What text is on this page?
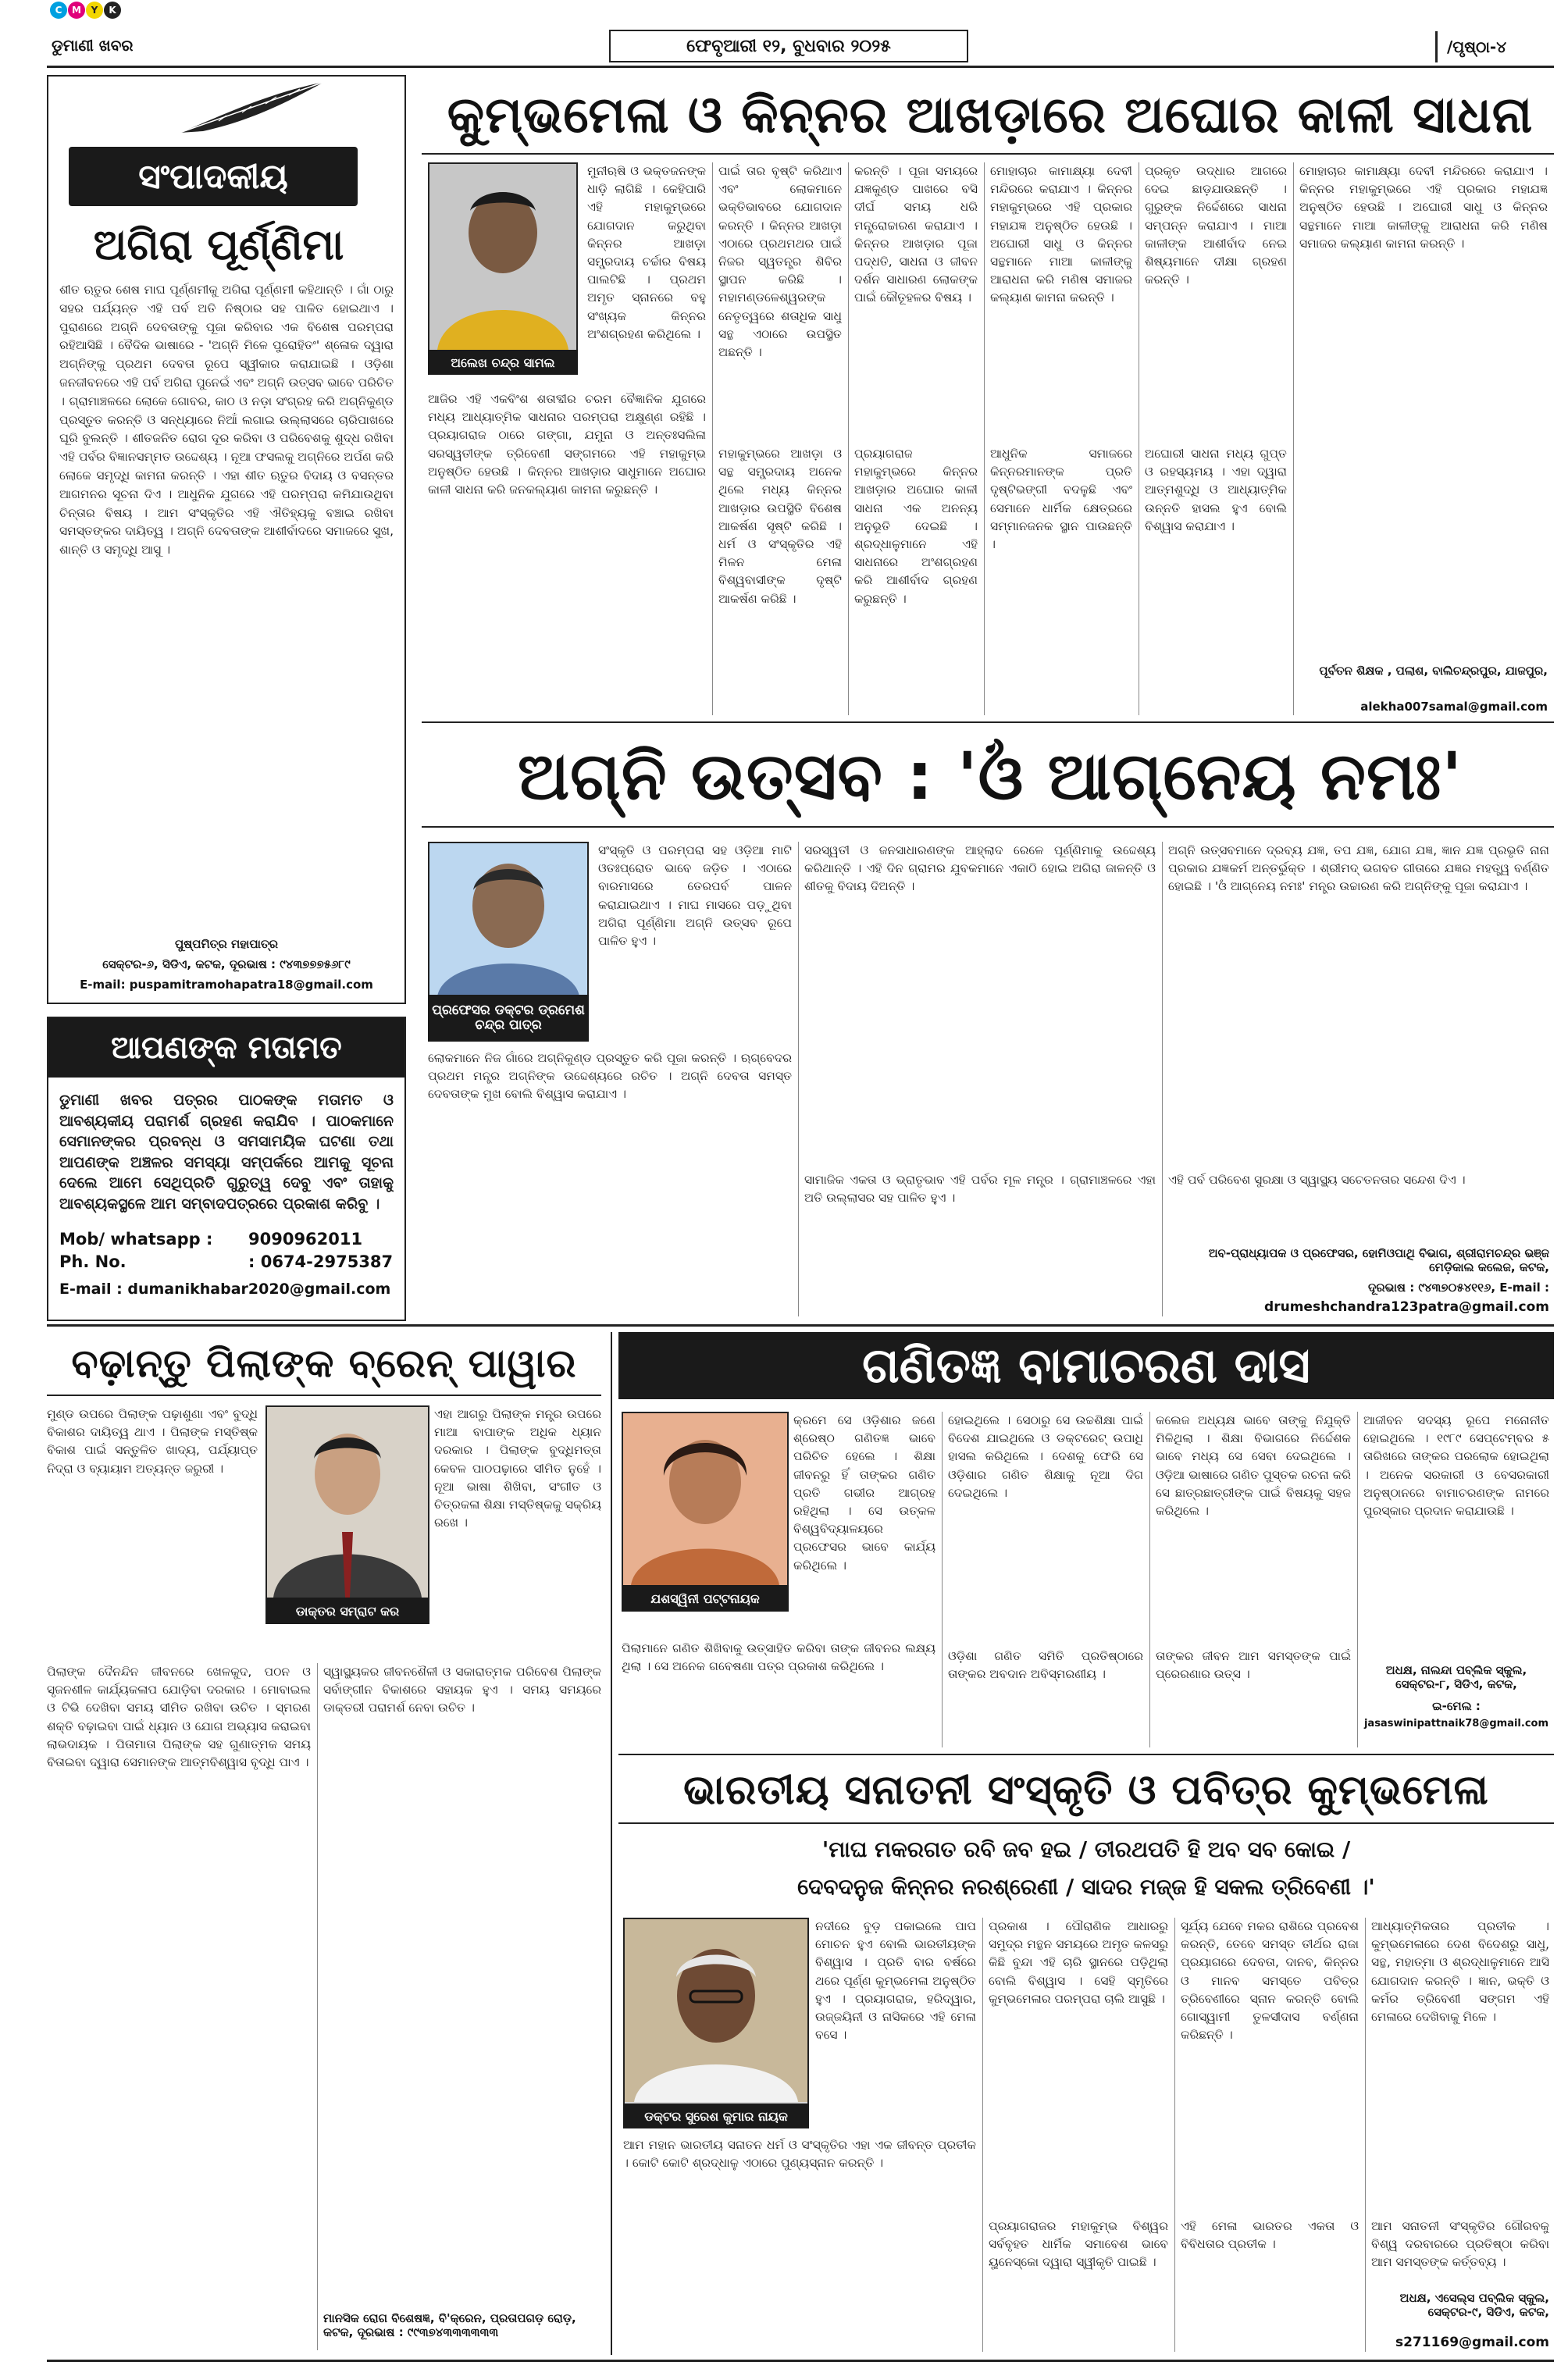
C	M	Y	K
ଡୁମାଣୀ ଖବର	ଫେବୃଆରୀ ୧୨, ବୁଧବାର ୨୦୨୫	/ପୃଷ୍ଠା-୪
ସଂପାଦକୀୟ
ଅଗିରା ପୂର୍ଣ୍ଣିମା
ଶୀତ ଋତୁର ଶେଷ ମାଘ ପୂର୍ଣ୍ଣମୀକୁ ଅଗିରା ପୂର୍ଣ୍ଣମୀ କହିଥାନ୍ତି । ଗାଁ ଠାରୁ ସହର ପର୍ଯ୍ୟନ୍ତ ଏହି ପର୍ବ ଅତି ନିଷ୍ଠାର ସହ ପାଳିତ ହୋଇଥାଏ । ପୁରାଣରେ ଅଗ୍ନି ଦେବତାଙ୍କୁ ପୂଜା କରିବାର ଏକ ବିଶେଷ ପରମ୍ପରା ରହିଆସିଛି । ବୈଦିକ ଭାଷାରେ - 'ଅଗ୍ନି ମିଳେ ପୁରୋହିତଂ' ଶ୍ଳୋକ ଦ୍ୱାରା ଅଗ୍ନିଙ୍କୁ ପ୍ରଥମ ଦେବତା ରୂପେ ସ୍ୱୀକାର କରାଯାଇଛି । ଓଡ଼ିଶା ଜନଜୀବନରେ ଏହି ପର୍ବ ଅଗିରା ପୁନେଇଁ ଏବଂ ଅଗ୍ନି ଉତ୍ସବ ଭାବେ ପରିଚିତ । ଗ୍ରାମାଞ୍ଚଳରେ ଲୋକେ ଗୋବର, କାଠ ଓ ନଡ଼ା ସଂଗ୍ରହ କରି ଅଗ୍ନିକୁଣ୍ଡ ପ୍ରସ୍ତୁତ କରନ୍ତି ଓ ସନ୍ଧ୍ୟାରେ ନିଆଁ ଲଗାଇ ଉଲ୍ଲାସରେ ଚାରିପାଖରେ ଘୂରି ବୁଲନ୍ତି । ଶୀତଜନିତ ରୋଗ ଦୂର କରିବା ଓ ପରିବେଶକୁ ଶୁଦ୍ଧ ରଖିବା ଏହି ପର୍ବର ବିଜ୍ଞାନସମ୍ମତ ଉଦ୍ଦେଶ୍ୟ । ନୂଆ ଫସଲକୁ ଅଗ୍ନିରେ ଅର୍ପଣ କରି ଲୋକେ ସମୃଦ୍ଧି କାମନା କରନ୍ତି । ଏହା ଶୀତ ଋତୁର ବିଦାୟ ଓ ବସନ୍ତର ଆଗମନର ସୂଚନା ଦିଏ । ଆଧୁନିକ ଯୁଗରେ ଏହି ପରମ୍ପରା କମିଯାଉଥିବା ଚିନ୍ତାର ବିଷୟ । ଆମ ସଂସ୍କୃତିର ଏହି ଐତିହ୍ୟକୁ ବଞ୍ଚାଇ ରଖିବା ସମସ୍ତଙ୍କର ଦାୟିତ୍ୱ । ଅଗ୍ନି ଦେବତାଙ୍କ ଆଶୀର୍ବାଦରେ ସମାଜରେ ସୁଖ, ଶାନ୍ତି ଓ ସମୃଦ୍ଧି ଆସୁ ।
ପୁଷ୍ପମିତ୍ର ମହାପାତ୍ର
ସେକ୍ଟର-୬, ସିଡିଏ, କଟକ, ଦୂରଭାଷ : ୯୪୩୭୭୭୫୬୮୯
E-mail: puspamitramohapatra18@gmail.com
ଆପଣଙ୍କ ମତାମତ
ଡୁମାଣୀ ଖବର ପତ୍ରର ପାଠକଙ୍କ ମତାମତ ଓ ଆବଶ୍ୟକୀୟ ପରାମର୍ଶ ଗ୍ରହଣ କରାଯିବ । ପାଠକମାନେ ସେମାନଙ୍କର ପ୍ରବନ୍ଧ ଓ ସମସାମୟିକ ଘଟଣା ତଥା ଆପଣଙ୍କ ଅଞ୍ଚଳର ସମସ୍ୟା ସମ୍ପର୍କରେ ଆମକୁ ସୂଚନା ଦେଲେ ଆମେ ସେଥିପ୍ରତି ଗୁରୁତ୍ୱ ଦେବୁ ଏବଂ ତାହାକୁ ଆବଶ୍ୟକସ୍ଥଳେ ଆମ ସମ୍ବାଦପତ୍ରରେ ପ୍ରକାଶ କରିବୁ ।
Mob/ whatsapp : 9090962011
Ph. No.	: 0674-2975387
E-mail : dumanikhabar2020@gmail.com
କୁମ୍ଭମେଳା ଓ କିନ୍ନର ଆଖଡ଼ାରେ ଅଘୋର କାଳୀ ସାଧନା
ଅଲେଖ ଚନ୍ଦ୍ର ସାମଲ
ମୁନୀଋଷି ଓ ଭକ୍ତଜନଙ୍କ ଧାଡ଼ି ଲାଗିଛି । କେହିପାରି ଏହି ମହାକୁମ୍ଭରେ ଯୋଗଦାନ କରୁଥିବା କିନ୍ନର ଆଖଡ଼ା ସମ୍ପ୍ରଦାୟ ଚର୍ଚ୍ଚାର ବିଷୟ ପାଲଟିଛି । ପ୍ରଥମ ଅମୃତ ସ୍ନାନରେ ବହୁ ସଂଖ୍ୟକ କିନ୍ନର ଅଂଶଗ୍ରହଣ କରିଥିଲେ ।
ଆଜିର ଏହି ଏକବିଂଶ ଶତାବ୍ଦୀର ଚରମ ବୈଜ୍ଞାନିକ ଯୁଗରେ ମଧ୍ୟ ଆଧ୍ୟାତ୍ମିକ ସାଧନାର ପରମ୍ପରା ଅକ୍ଷୁଣ୍ଣ ରହିଛି । ପ୍ରୟାଗରାଜ ଠାରେ ଗଙ୍ଗା, ଯମୁନା ଓ ଅନ୍ତଃସଲିଳା ସରସ୍ୱତୀଙ୍କ ତ୍ରିବେଣୀ ସଙ୍ଗମରେ ଏହି ମହାକୁମ୍ଭ ଅନୁଷ୍ଠିତ ହେଉଛି । କିନ୍ନର ଆଖଡ଼ାର ସାଧୁମାନେ ଅଘୋର କାଳୀ ସାଧନା କରି ଜନକଲ୍ୟାଣ କାମନା କରୁଛନ୍ତି ।
ପାଇଁ ତାର ବୃଷ୍ଟି କରିଥାଏ ଏବଂ ଲୋକମାନେ ଭକ୍ତିଭାବରେ ଯୋଗଦାନ କରନ୍ତି । କିନ୍ନର ଆଖଡ଼ା ଏଠାରେ ପ୍ରଥମଥର ପାଇଁ ନିଜର ସ୍ୱତନ୍ତ୍ର ଶିବିର ସ୍ଥାପନ କରିଛି । ମହାମଣ୍ଡଳେଶ୍ୱରଙ୍କ ନେତୃତ୍ୱରେ ଶତାଧିକ ସାଧୁ ସନ୍ଥ ଏଠାରେ ଉପସ୍ଥିତ ଅଛନ୍ତି ।
ମହାକୁମ୍ଭରେ ଆଖଡ଼ା ଓ ସନ୍ଥ ସମ୍ପ୍ରଦାୟ ଅନେକ ଥିଲେ ମଧ୍ୟ କିନ୍ନର ଆଖଡ଼ାର ଉପସ୍ଥିତି ବିଶେଷ ଆକର୍ଷଣ ସୃଷ୍ଟି କରିଛି । ଧର୍ମ ଓ ସଂସ୍କୃତିର ଏହି ମିଳନ ମେଳା ବିଶ୍ୱବାସୀଙ୍କ ଦୃଷ୍ଟି ଆକର୍ଷଣ କରିଛି ।
କରନ୍ତି । ପୂଜା ସମୟରେ ଯଜ୍ଞକୁଣ୍ଡ ପାଖରେ ବସି ଦୀର୍ଘ ସମୟ ଧରି ମନ୍ତ୍ରୋଚ୍ଚାରଣ କରାଯାଏ । କିନ୍ନର ଆଖଡ଼ାର ପୂଜା ପଦ୍ଧତି, ସାଧନା ଓ ଜୀବନ ଦର୍ଶନ ସାଧାରଣ ଲୋକଙ୍କ ପାଇଁ କୌତୂହଳର ବିଷୟ ।
ପ୍ରୟାଗରାଜ ମହାକୁମ୍ଭରେ କିନ୍ନର ଆଖଡ଼ାର ଅଘୋର କାଳୀ ସାଧନା ଏକ ଅନନ୍ୟ ଅନୁଭୂତି ଦେଇଛି । ଶ୍ରଦ୍ଧାଳୁମାନେ ଏହି ସାଧନାରେ ଅଂଶଗ୍ରହଣ କରି ଆଶୀର୍ବାଦ ଗ୍ରହଣ କରୁଛନ୍ତି ।
ମୋହାଚାର କାମାକ୍ଷ୍ୟା ଦେବୀ ମନ୍ଦିରରେ କରାଯାଏ । କିନ୍ନର ମହାକୁମ୍ଭରେ ଏହି ପ୍ରକାର ମହାଯଜ୍ଞ ଅନୁଷ୍ଠିତ ହେଉଛି । ଅଘୋରୀ ସାଧୁ ଓ କିନ୍ନର ସନ୍ଥମାନେ ମାଆ କାଳୀଙ୍କୁ ଆରାଧନା କରି ମଣିଷ ସମାଜର କଲ୍ୟାଣ କାମନା କରନ୍ତି ।
ଆଧୁନିକ ସମାଜରେ କିନ୍ନରମାନଙ୍କ ପ୍ରତି ଦୃଷ୍ଟିଭଙ୍ଗୀ ବଦଳୁଛି ଏବଂ ସେମାନେ ଧାର୍ମିକ କ୍ଷେତ୍ରରେ ସମ୍ମାନଜନକ ସ୍ଥାନ ପାଉଛନ୍ତି ।
ପ୍ରକୃତ ଉଦ୍ଧାର ଆଗରେ ଦେଇ ଛାଡ଼ଯାଉଛନ୍ତି । ଗୁରୁଙ୍କ ନିର୍ଦ୍ଦେଶରେ ସାଧନା ସମ୍ପନ୍ନ କରାଯାଏ । ମାଆ କାଳୀଙ୍କ ଆଶୀର୍ବାଦ ନେଇ ଶିଷ୍ୟମାନେ ଦୀକ୍ଷା ଗ୍ରହଣ କରନ୍ତି ।
ଅଘୋରୀ ସାଧନା ମଧ୍ୟ ଗୁପ୍ତ ଓ ରହସ୍ୟମୟ । ଏହା ଦ୍ୱାରା ଆତ୍ମଶୁଦ୍ଧି ଓ ଆଧ୍ୟାତ୍ମିକ ଉନ୍ନତି ହାସଲ ହୁଏ ବୋଲି ବିଶ୍ୱାସ କରାଯାଏ ।
ମୋହାଚାର କାମାକ୍ଷ୍ୟା ଦେବୀ ମନ୍ଦିରରେ କରାଯାଏ । କିନ୍ନର ମହାକୁମ୍ଭରେ ଏହି ପ୍ରକାର ମହାଯଜ୍ଞ ଅନୁଷ୍ଠିତ ହେଉଛି । ଅଘୋରୀ ସାଧୁ ଓ କିନ୍ନର ସନ୍ଥମାନେ ମାଆ କାଳୀଙ୍କୁ ଆରାଧନା କରି ମଣିଷ ସମାଜର କଲ୍ୟାଣ କାମନା କରନ୍ତି ।
ପୂର୍ବତନ ଶିକ୍ଷକ , ପଲାଶ, ବାଲିଚନ୍ଦ୍ରପୁର, ଯାଜପୁର,
alekha007samal@gmail.com
ଅଗ୍ନି ଉତ୍ସବ : 'ଓଁ ଆଗ୍ନେୟ ନମଃ'
ପ୍ରଫେସର ଡକ୍ଟର ଡ୍ରମେଶ ଚନ୍ଦ୍ର ପାତ୍ର
ସଂସ୍କୃତି ଓ ପରମ୍ପରା ସହ ଓଡ଼ିଆ ମାଟି ଓତଃପ୍ରୋତ ଭାବେ ଜଡ଼ିତ । ଏଠାରେ ବାରମାସରେ ତେରପର୍ବ ପାଳନ କରାଯାଇଥାଏ । ମାଘ ମାସରେ ପଡ଼ୁଥିବା ଅଗିରା ପୂର୍ଣ୍ଣିମା ଅଗ୍ନି ଉତ୍ସବ ରୂପେ ପାଳିତ ହୁଏ ।
ଲୋକମାନେ ନିଜ ଗାଁରେ ଅଗ୍ନିକୁଣ୍ଡ ପ୍ରସ୍ତୁତ କରି ପୂଜା କରନ୍ତି । ଋଗ୍‌ବେଦର ପ୍ରଥମ ମନ୍ତ୍ର ଅଗ୍ନିଙ୍କ ଉଦ୍ଦେଶ୍ୟରେ ରଚିତ । ଅଗ୍ନି ଦେବତା ସମସ୍ତ ଦେବତାଙ୍କ ମୁଖ ବୋଲି ବିଶ୍ୱାସ କରାଯାଏ ।
ସରସ୍ୱତୀ ଓ ଜନସାଧାରଣଙ୍କ ଆହ୍ଲାଦ ରେଳେ ପୂର୍ଣ୍ଣିମାକୁ ଉଦ୍ଦେଶ୍ୟ କରିଥାନ୍ତି । ଏହି ଦିନ ଗ୍ରାମର ଯୁବକମାନେ ଏକାଠି ହୋଇ ଅଗିରା ଜାଳନ୍ତି ଓ ଶୀତକୁ ବିଦାୟ ଦିଅନ୍ତି ।
ସାମାଜିକ ଏକତା ଓ ଭ୍ରାତୃଭାବ ଏହି ପର୍ବର ମୂଳ ମନ୍ତ୍ର । ଗ୍ରାମାଞ୍ଚଳରେ ଏହା ଅତି ଉଲ୍ଲାସର ସହ ପାଳିତ ହୁଏ ।
ଅଗ୍ନି ଉତ୍ସବମାନେ ଦ୍ରବ୍ୟ ଯଜ୍ଞ, ତପ ଯଜ୍ଞ, ଯୋଗ ଯଜ୍ଞ, ଜ୍ଞାନ ଯଜ୍ଞ ପ୍ରଭୃତି ନାନା ପ୍ରକାର ଯଜ୍ଞକର୍ମ ଅନ୍ତର୍ଭୁକ୍ତ । ଶ୍ରୀମଦ୍ ଭଗବତ ଗୀତାରେ ଯଜ୍ଞର ମହତ୍ତ୍ୱ ବର୍ଣ୍ଣିତ ହୋଇଛି । 'ଓଁ ଆଗ୍ନେୟ ନମଃ' ମନ୍ତ୍ର ଉଚ୍ଚାରଣ କରି ଅଗ୍ନିଙ୍କୁ ପୂଜା କରାଯାଏ ।
ଏହି ପର୍ବ ପରିବେଶ ସୁରକ୍ଷା ଓ ସ୍ୱାସ୍ଥ୍ୟ ସଚେତନତାର ସନ୍ଦେଶ ଦିଏ ।
ଅବ-ପ୍ରାଧ୍ୟାପକ ଓ ପ୍ରଫେସର, ହୋମିଓପାଥି ବିଭାଗ, ଶ୍ରୀରାମଚନ୍ଦ୍ର ଭଞ୍ଜ ମେଡ଼ିକାଲ କଲେଜ, କଟକ,
ଦୂରଭାଷ : ୯୪୩୭୦୫୪୧୧୬, E-mail :
drumeshchandra123patra@gmail.com
ବଢ଼ାନ୍ତୁ ପିଲାଙ୍କ ବ୍ରେନ୍ ପାୱାର
ମୁଣ୍ଡ ଉପରେ ପିଲାଙ୍କ ପଢ଼ାଶୁଣା ଏବଂ ବୁଦ୍ଧି ବିକାଶର ଦାୟିତ୍ୱ ଥାଏ । ପିଲାଙ୍କ ମସ୍ତିଷ୍କ ବିକାଶ ପାଇଁ ସନ୍ତୁଳିତ ଖାଦ୍ୟ, ପର୍ଯ୍ୟାପ୍ତ ନିଦ୍ରା ଓ ବ୍ୟାୟାମ ଅତ୍ୟନ୍ତ ଜରୁରୀ ।
ଡାକ୍ତର ସମ୍ରାଟ କର
ଏହା ଆଗରୁ ପିଲାଙ୍କ ମନ୍ତ୍ର ଉପରେ ମାଆ ବାପାଙ୍କ ଅଧିକ ଧ୍ୟାନ ଦରକାର । ପିଲାଙ୍କ ବୁଦ୍ଧିମତ୍ତା କେବଳ ପାଠପଢ଼ାରେ ସୀମିତ ନୁହେଁ । ନୂଆ ଭାଷା ଶିଖିବା, ସଂଗୀତ ଓ ଚିତ୍ରକଳା ଶିକ୍ଷା ମସ୍ତିଷ୍କକୁ ସକ୍ରିୟ ରଖେ ।
ପିଲାଙ୍କ ଦୈନନ୍ଦିନ ଜୀବନରେ ଖେଳକୁଦ, ପଠନ ଓ ସୃଜନଶୀଳ କାର୍ଯ୍ୟକଳାପ ଯୋଡ଼ିବା ଦରକାର । ମୋବାଇଲ ଓ ଟିଭି ଦେଖିବା ସମୟ ସୀମିତ ରଖିବା ଉଚିତ । ସ୍ମରଣ ଶକ୍ତି ବଢ଼ାଇବା ପାଇଁ ଧ୍ୟାନ ଓ ଯୋଗ ଅଭ୍ୟାସ କରାଇବା ଲାଭଦାୟକ । ପିତାମାତା ପିଲାଙ୍କ ସହ ଗୁଣାତ୍ମକ ସମୟ ବିତାଇବା ଦ୍ୱାରା ସେମାନଙ୍କ ଆତ୍ମବିଶ୍ୱାସ ବୃଦ୍ଧି ପାଏ ।
ସ୍ୱାସ୍ଥ୍ୟକର ଜୀବନଶୈଳୀ ଓ ସକାରାତ୍ମକ ପରିବେଶ ପିଲାଙ୍କ ସର୍ବାଙ୍ଗୀନ ବିକାଶରେ ସହାୟକ ହୁଏ । ସମୟ ସମୟରେ ଡାକ୍ତରୀ ପରାମର୍ଶ ନେବା ଉଚିତ ।
ମାନସିକ ରୋଗ ବିଶେଷଜ୍ଞ, ବି'କ୍ରେନ, ପ୍ରତାପଗଡ଼ ରୋଡ଼, କଟକ, ଦୂରଭାଷ : ୯୯୩୭୪୩୩୩୩୩୩
ଗଣିତଜ୍ଞ ବାମାଚରଣ ଦାସ
ଯଶସ୍ୱିନୀ ପଟ୍ଟନାୟକ
କ୍ରମେ ସେ ଓଡ଼ିଶାର ଜଣେ ଶ୍ରେଷ୍ଠ ଗଣିତଜ୍ଞ ଭାବେ ପରିଚିତ ହେଲେ । ଶିକ୍ଷା ଜୀବନରୁ ହିଁ ତାଙ୍କର ଗଣିତ ପ୍ରତି ଗଭୀର ଆଗ୍ରହ ରହିଥିଲା । ସେ ଉତ୍କଳ ବିଶ୍ୱବିଦ୍ୟାଳୟରେ ପ୍ରଫେସର ଭାବେ କାର୍ଯ୍ୟ କରିଥିଲେ ।
ପିଲାମାନେ ଗଣିତ ଶିଖିବାକୁ ଉତ୍ସାହିତ କରିବା ତାଙ୍କ ଜୀବନର ଲକ୍ଷ୍ୟ ଥିଲା । ସେ ଅନେକ ଗବେଷଣା ପତ୍ର ପ୍ରକାଶ କରିଥିଲେ ।
ହୋଇଥିଲେ । ସେଠାରୁ ସେ ଉଚ୍ଚଶିକ୍ଷା ପାଇଁ ବିଦେଶ ଯାଇଥିଲେ ଓ ଡକ୍ଟରେଟ୍ ଉପାଧି ହାସଲ କରିଥିଲେ । ଦେଶକୁ ଫେରି ସେ ଓଡ଼ିଶାର ଗଣିତ ଶିକ୍ଷାକୁ ନୂଆ ଦିଗ ଦେଇଥିଲେ ।
ଓଡ଼ିଶା ଗଣିତ ସମିତି ପ୍ରତିଷ୍ଠାରେ ତାଙ୍କର ଅବଦାନ ଅବିସ୍ମରଣୀୟ ।
କଲେଜ ଅଧ୍ୟକ୍ଷ ଭାବେ ତାଙ୍କୁ ନିଯୁକ୍ତି ମିଳିଥିଲା । ଶିକ୍ଷା ବିଭାଗରେ ନିର୍ଦ୍ଦେଶକ ଭାବେ ମଧ୍ୟ ସେ ସେବା ଦେଇଥିଲେ । ଓଡ଼ିଆ ଭାଷାରେ ଗଣିତ ପୁସ୍ତକ ରଚନା କରି ସେ ଛାତ୍ରଛାତ୍ରୀଙ୍କ ପାଇଁ ବିଷୟକୁ ସହଜ କରିଥିଲେ ।
ତାଙ୍କର ଜୀବନ ଆମ ସମସ୍ତଙ୍କ ପାଇଁ ପ୍ରେରଣାର ଉତ୍ସ ।
ଆଜୀବନ ସଦସ୍ୟ ରୂପେ ମନୋନୀତ ହୋଇଥିଲେ । ୧୯୮୯ ସେପ୍ଟେମ୍ବର ୫ ତାରିଖରେ ତାଙ୍କର ପରଲୋକ ହୋଇଥିଲା । ଅନେକ ସରକାରୀ ଓ ବେସରକାରୀ ଅନୁଷ୍ଠାନରେ ବାମାଚରଣଙ୍କ ନାମରେ ପୁରସ୍କାର ପ୍ରଦାନ କରାଯାଉଛି ।
ଅଧକ୍ଷ, ନାଲନ୍ଦା ପବ୍ଲିକ ସ୍କୁଲ, ସେକ୍ଟର-୮, ସିଡିଏ, କଟକ,
ଇ-ମେଲ :
jasaswinipattnaik78@gmail.com
ଭାରତୀୟ ସନାତନୀ ସଂସ୍କୃତି ଓ ପବିତ୍ର କୁମ୍ଭମେଳା
'ମାଘ ମକରଗତ ରବି ଜବ ହଇ / ତୀରଥପତି ହି ଅବ ସବ କୋଇ /
ଦେବଦନୁଜ କିନ୍ନର ନରଶ୍ରେଣୀ / ସାଦର ମଜ୍ଜ ହି ସକଲ ତ୍ରିବେଣୀ ।'
ଡକ୍ଟର ସୁରେଶ କୁମାର ନାୟକ
ନଦୀରେ ବୁଡ଼ ପକାଇଲେ ପାପ ମୋଚନ ହୁଏ ବୋଲି ଭାରତୀୟଙ୍କ ବିଶ୍ୱାସ । ପ୍ରତି ବାର ବର୍ଷରେ ଥରେ ପୂର୍ଣ୍ଣ କୁମ୍ଭମେଳା ଅନୁଷ୍ଠିତ ହୁଏ । ପ୍ରୟାଗରାଜ, ହରିଦ୍ୱାର, ଉଜ୍ଜୟିନୀ ଓ ନାସିକରେ ଏହି ମେଳା ବସେ ।
ଆମ ମହାନ ଭାରତୀୟ ସନାତନ ଧର୍ମ ଓ ସଂସ୍କୃତିର ଏହା ଏକ ଜୀବନ୍ତ ପ୍ରତୀକ । କୋଟି କୋଟି ଶ୍ରଦ୍ଧାଳୁ ଏଠାରେ ପୁଣ୍ୟସ୍ନାନ କରନ୍ତି ।
ପ୍ରକାଶ । ପୌରାଣିକ ଆଧାରରୁ ସମୁଦ୍ର ମନ୍ଥନ ସମୟରେ ଅମୃତ କଳସରୁ କିଛି ବୁନ୍ଦା ଏହି ଚାରି ସ୍ଥାନରେ ପଡ଼ିଥିଲା ବୋଲି ବିଶ୍ୱାସ । ସେହି ସ୍ମୃତିରେ କୁମ୍ଭମେଳାର ପରମ୍ପରା ଚାଲି ଆସୁଛି ।
ପ୍ରୟାଗରାଜର ମହାକୁମ୍ଭ ବିଶ୍ୱର ସର୍ବବୃହତ ଧାର୍ମିକ ସମାବେଶ ଭାବେ ୟୁନେସ୍କୋ ଦ୍ୱାରା ସ୍ୱୀକୃତି ପାଇଛି ।
ସୂର୍ଯ୍ୟ ଯେବେ ମକର ରାଶିରେ ପ୍ରବେଶ କରନ୍ତି, ତେବେ ସମସ୍ତ ତୀର୍ଥର ରାଜା ପ୍ରୟାଗରେ ଦେବତା, ଦାନବ, କିନ୍ନର ଓ ମାନବ ସମସ୍ତେ ପବିତ୍ର ତ୍ରିବେଣୀରେ ସ୍ନାନ କରନ୍ତି ବୋଲି ଗୋସ୍ୱାମୀ ତୁଳସୀଦାସ ବର୍ଣ୍ଣନା କରିଛନ୍ତି ।
ଏହି ମେଳା ଭାରତର ଏକତା ଓ ବିବିଧତାର ପ୍ରତୀକ ।
ଆଧ୍ୟାତ୍ମିକତାର ପ୍ରତୀକ । କୁମ୍ଭମେଳାରେ ଦେଶ ବିଦେଶରୁ ସାଧୁ, ସନ୍ଥ, ମହାତ୍ମା ଓ ଶ୍ରଦ୍ଧାଳୁମାନେ ଆସି ଯୋଗଦାନ କରନ୍ତି । ଜ୍ଞାନ, ଭକ୍ତି ଓ କର୍ମର ତ୍ରିବେଣୀ ସଙ୍ଗମ ଏହି ମେଳାରେ ଦେଖିବାକୁ ମିଳେ ।
ଆମ ସନାତନୀ ସଂସ୍କୃତିର ଗୌରବକୁ ବିଶ୍ୱ ଦରବାରରେ ପ୍ରତିଷ୍ଠା କରିବା ଆମ ସମସ୍ତଙ୍କ କର୍ତ୍ତବ୍ୟ ।
ଅଧକ୍ଷ, ଏସେଲ୍ସ ପବ୍ଲିକ ସ୍କୁଲ, ସେକ୍ଟର-୯, ସିଡିଏ, କଟକ,
s271169@gmail.com
